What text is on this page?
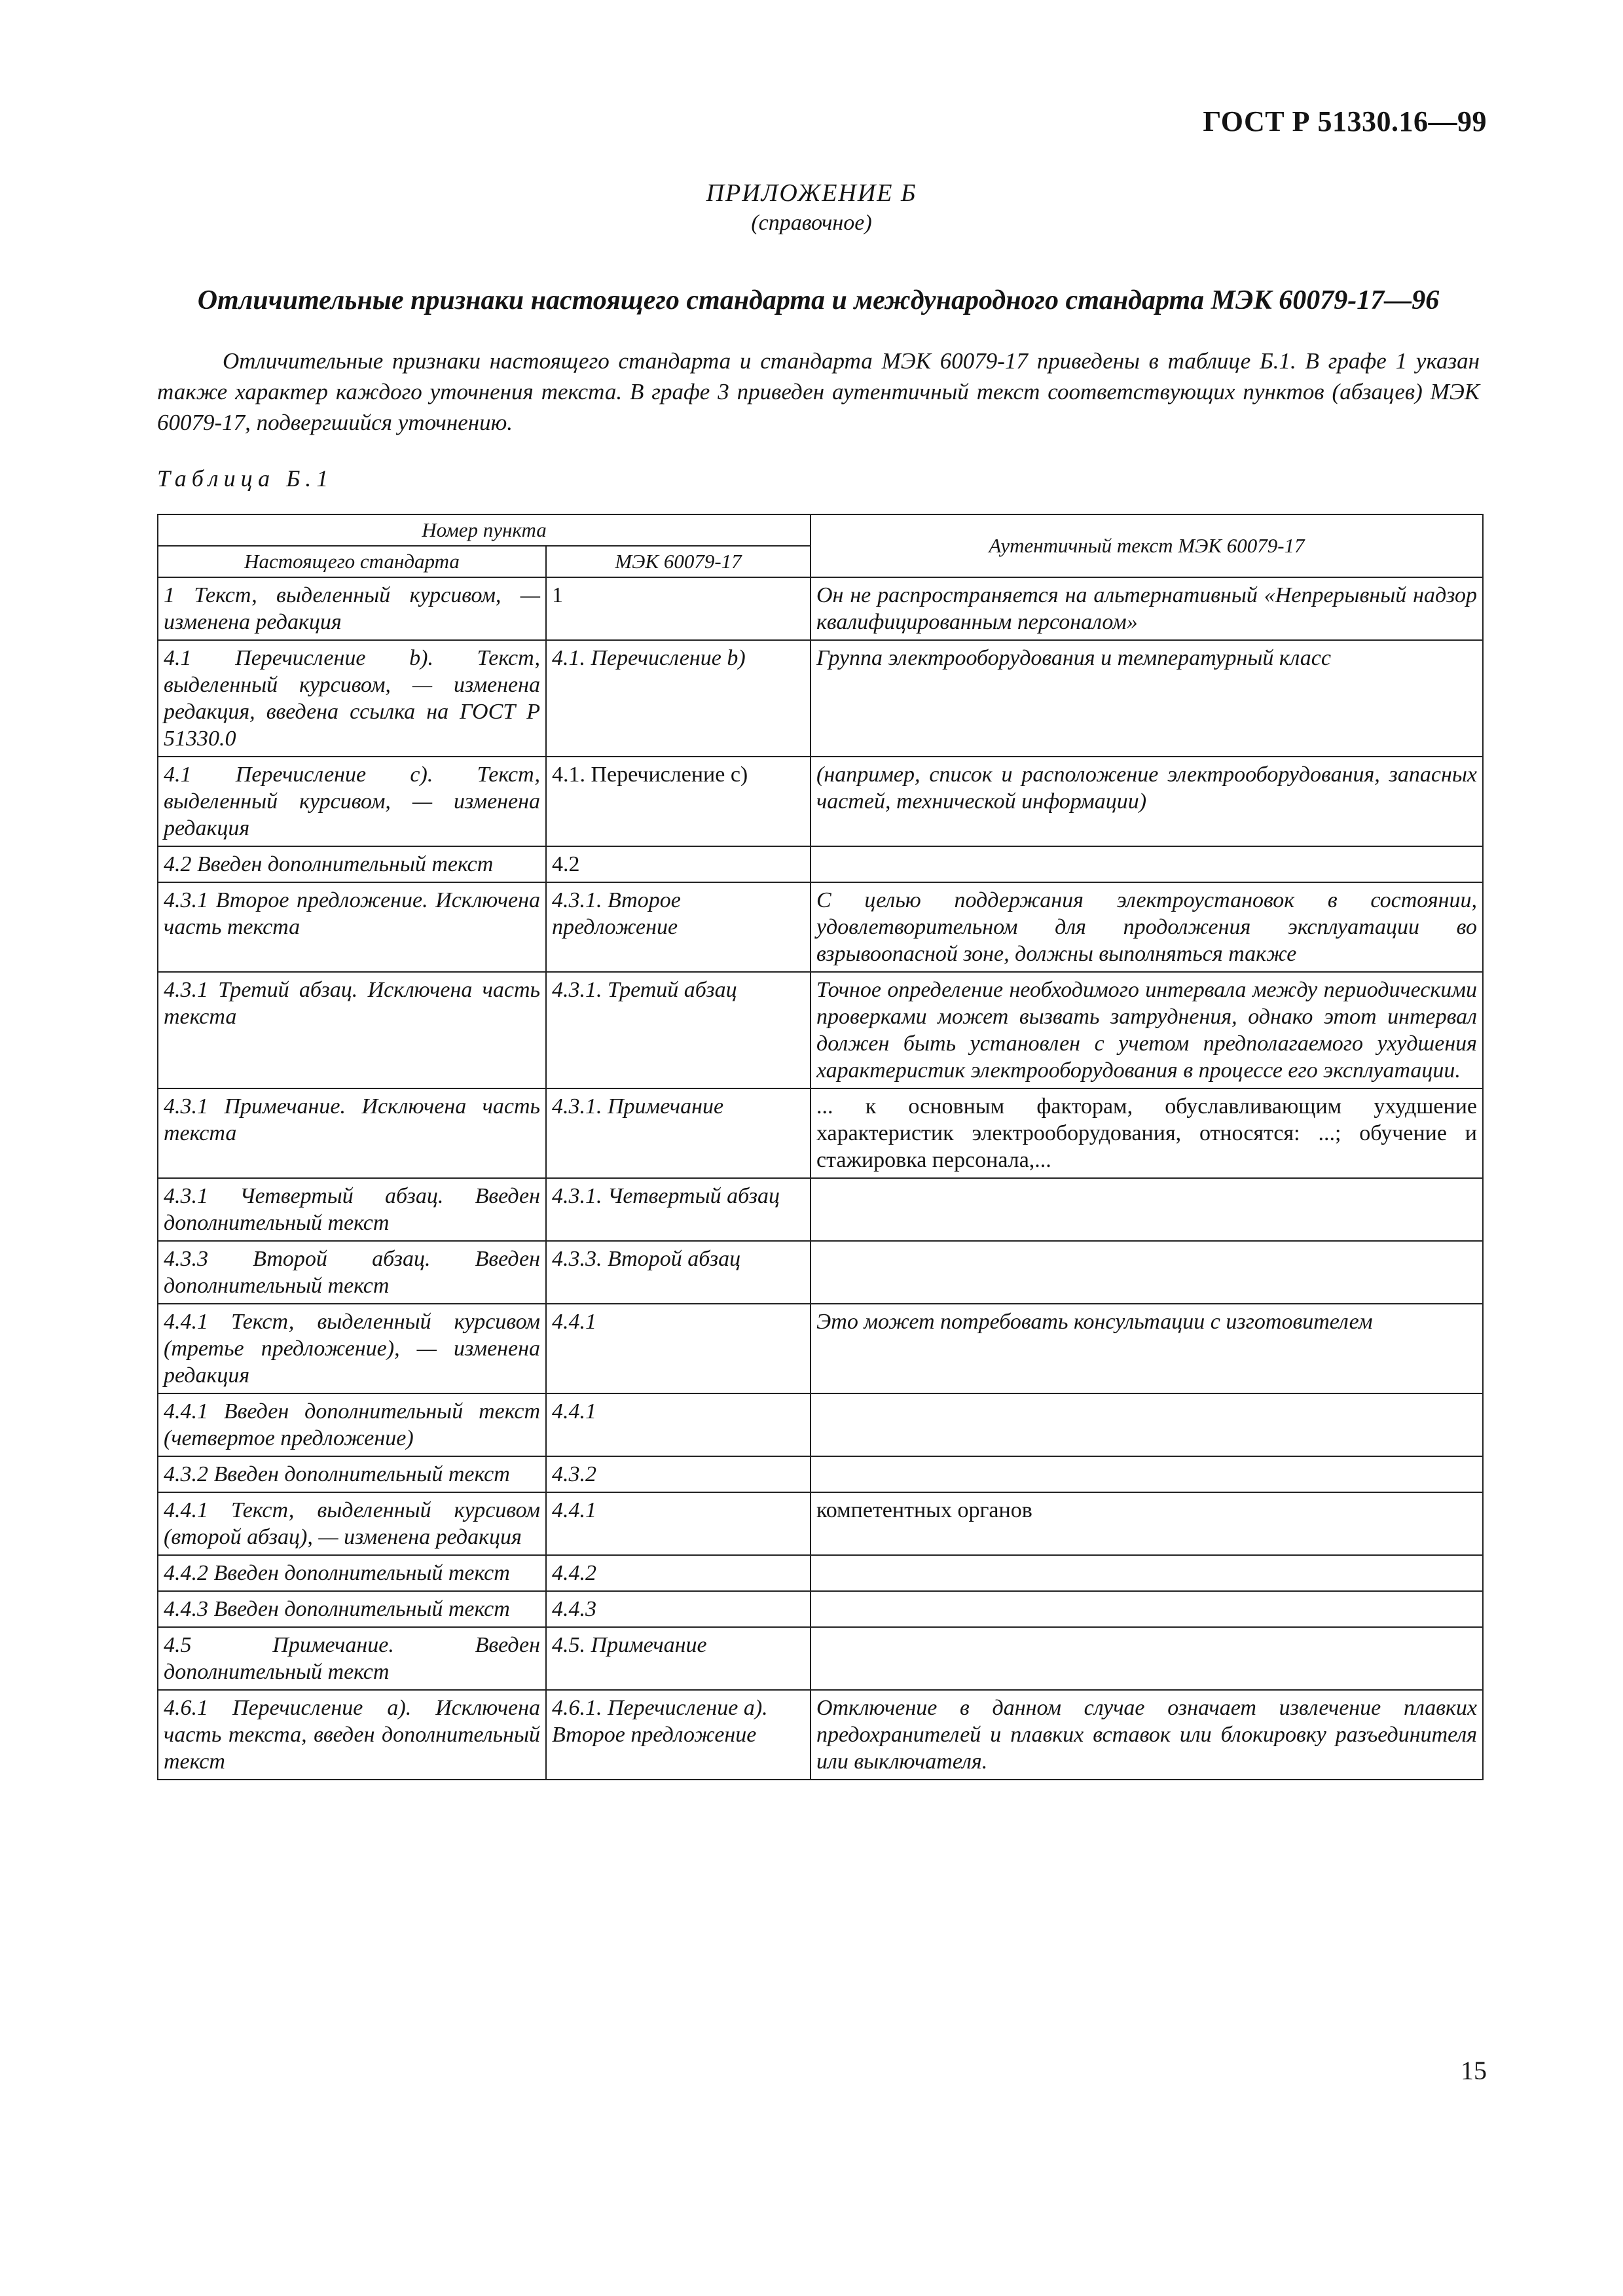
ГОСТ Р 51330.16—99
ПРИЛОЖЕНИЕ Б
(справочное)
Отличительные признаки настоящего стандарта и международного стандарта МЭК 60079-17—96

Отличительные признаки настоящего стандарта и стандарта МЭК 60079-17 приведены в таблице Б.1. В графе 1 указан также характер каждого уточнения текста. В графе 3 приведен аутентичный текст соответствующих пунктов (абзацев) МЭК 60079-17, подвергшийся уточнению.

Таблица Б.1
Номер пункта		Аутентичный текст МЭК 60079-17
Настоящего стандарта	МЭК 60079-17	
1 Текст, выделенный курсивом, — изменена редакция	1	Он не распространяется на альтернативный «Непрерывный надзор квалифицированным персоналом»
4.1 Перечисление b). Текст, выделенный курсивом, — изменена редакция, введена ссылка на ГОСТ Р 51330.0	4.1. Перечисление b)	Группа электрооборудования и температурный класс
4.1 Перечисление c). Текст, выделенный курсивом, — изменена редакция	4.1. Перечисление c)	(например, список и расположение электрооборудования, запасных частей, технической информации)
4.2 Введен дополнительный текст	4.2	
4.3.1 Второе предложение. Исключена часть текста	4.3.1. Второе предложение	С целью поддержания электроустановок в состоянии, удовлетворительном для продолжения эксплуатации во взрывоопасной зоне, должны выполняться также
4.3.1 Третий абзац. Исключена часть текста	4.3.1. Третий абзац	Точное определение необходимого интервала между периодическими проверками может вызвать затруднения, однако этот интервал должен быть установлен с учетом предполагаемого ухудшения характеристик электрооборудования в процессе его эксплуатации.
4.3.1 Примечание. Исключена часть текста	4.3.1. Примечание	... к основным факторам, обуславливающим ухудшение характеристик электрооборудования, относятся: ...; обучение и стажировка персонала,...
4.3.1 Четвертый абзац. Введен дополнительный текст	4.3.1. Четвертый абзац	
4.3.3 Второй абзац. Введен дополнительный текст	4.3.3. Второй абзац	
4.4.1 Текст, выделенный курсивом (третье предложение), — изменена редакция	4.4.1	Это может потребовать консультации с изготовителем
4.4.1 Введен дополнительный текст (четвертое предложение)	4.4.1	
4.3.2 Введен дополнительный текст	4.3.2	
4.4.1 Текст, выделенный курсивом (второй абзац), — изменена редакция	4.4.1	компетентных органов
4.4.2 Введен дополнительный текст	4.4.2	
4.4.3 Введен дополнительный текст	4.4.3	
4.5 Примечание. Введен дополнительный текст	4.5. Примечание	
4.6.1 Перечисление a). Исключена часть текста, введен дополнительный текст	4.6.1. Перечисление a). Второе предложение	Отключение в данном случае означает извлечение плавких предохранителей и плавких вставок или блокировку разъединителя или выключателя.
15
